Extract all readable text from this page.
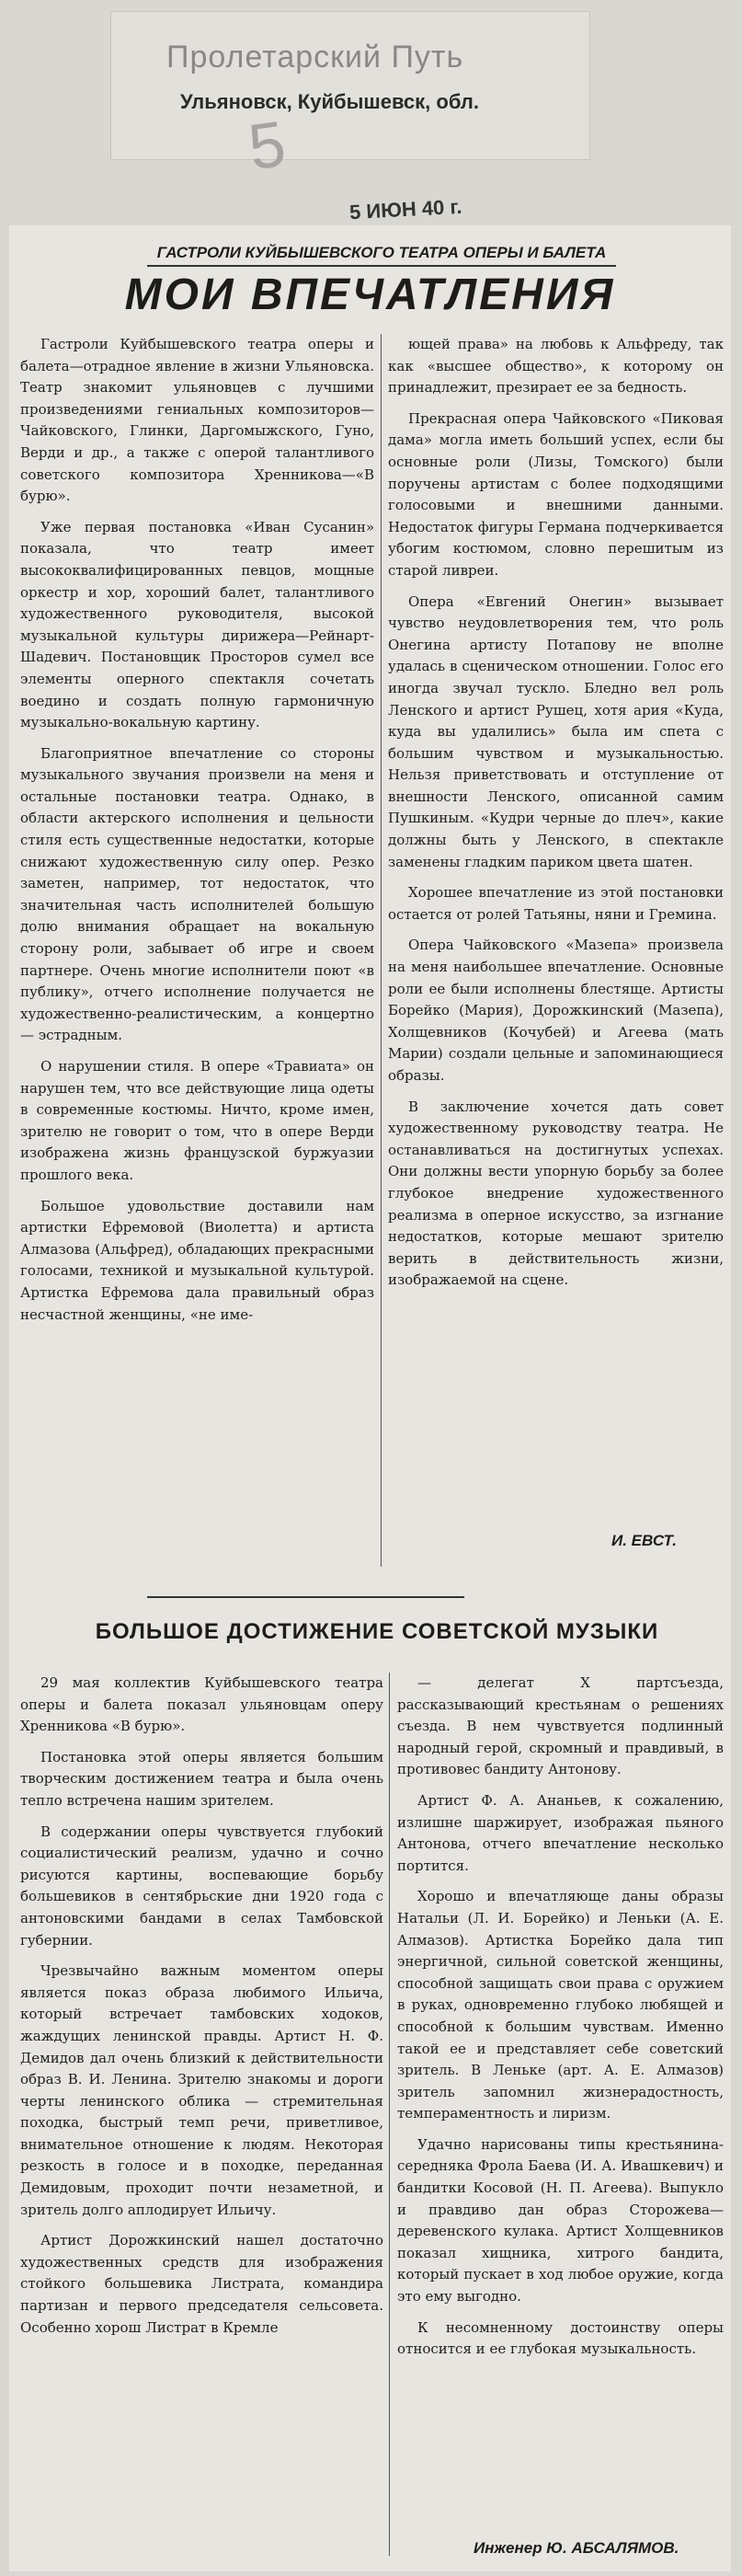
Пролетарский Путь
Ульяновск, Куйбышевск, обл.
5
5 ИЮН 40 г.
ГАСТРОЛИ КУЙБЫШЕВСКОГО ТЕАТРА ОПЕРЫ И БАЛЕТА
МОИ ВПЕЧАТЛЕНИЯ

Гастроли Куйбышевского театра оперы и балета—отрадное явление в жизни Ульяновска. Театр знакомит ульяновцев с лучшими произведениями гениальных композиторов—Чайковского, Глинки, Даргомыжского, Гуно, Верди и др., а также с оперой талантливого советского композитора Хренникова—«В бурю».

Уже первая постановка «Иван Сусанин» показала, что театр имеет высококвалифицированных певцов, мощные оркестр и хор, хороший балет, талантливого художественного руководителя, высокой музыкальной культуры дирижера—Рейнарт-Шадевич. Постановщик Просторов сумел все элементы оперного спектакля сочетать воедино и создать полную гармоничную музыкально-вокальную картину.

Благоприятное впечатление со стороны музыкального звучания произвели на меня и остальные постановки театра. Однако, в области актерского исполнения и цельности стиля есть существенные недостатки, которые снижают художественную силу опер. Резко заметен, например, тот недостаток, что значительная часть исполнителей большую долю внимания обращает на вокальную сторону роли, забывает об игре и своем партнере. Очень многие исполнители поют «в публику», отчего исполнение получается не художественно-реалистическим, а концертно — эстрадным.

О нарушении стиля. В опере «Травиата» он нарушен тем, что все действующие лица одеты в современные костюмы. Ничто, кроме имен, зрителю не говорит о том, что в опере Верди изображена жизнь французской буржуазии прошлого века.

Большое удовольствие доставили нам артистки Ефремовой (Виолетта) и артиста Алмазова (Альфред), обладающих прекрасными голосами, техникой и музыкальной культурой. Артистка Ефремова дала правильный образ несчастной женщины, «не име-

ющей права» на любовь к Альфреду, так как «высшее общество», к которому он принадлежит, презирает ее за бедность.

Прекрасная опера Чайковского «Пиковая дама» могла иметь больший успех, если бы основные роли (Лизы, Томского) были поручены артистам с более подходящими голосовыми и внешними данными. Недостаток фигуры Германа подчеркивается убогим костюмом, словно перешитым из старой ливреи.

Опера «Евгений Онегин» вызывает чувство неудовлетворения тем, что роль Онегина артисту Потапову не вполне удалась в сценическом отношении. Голос его иногда звучал тускло. Бледно вел роль Ленского и артист Рушец, хотя ария «Куда, куда вы удалились» была им спета с большим чувством и музыкальностью. Нельзя приветствовать и отступление от внешности Ленского, описанной самим Пушкиным. «Кудри черные до плеч», какие должны быть у Ленского, в спектакле заменены гладким париком цвета шатен.

Хорошее впечатление из этой постановки остается от ролей Татьяны, няни и Гремина.

Опера Чайковского «Мазепа» произвела на меня наибольшее впечатление. Основные роли ее были исполнены блестяще. Артисты Борейко (Мария), Дорожкинский (Мазепа), Холщевников (Кочубей) и Агеева (мать Марии) создали цельные и запоминающиеся образы.

В заключение хочется дать совет художественному руководству театра. Не останавливаться на достигнутых успехах. Они должны вести упорную борьбу за более глубокое внедрение художественного реализма в оперное искусство, за изгнание недостатков, которые мешают зрителю верить в действительность жизни, изображаемой на сцене.

И. ЕВСТ.
БОЛЬШОЕ ДОСТИЖЕНИЕ СОВЕТСКОЙ МУЗЫКИ

29 мая коллектив Куйбышевского театра оперы и балета показал ульяновцам оперу Хренникова «В бурю».

Постановка этой оперы является большим творческим достижением театра и была очень тепло встречена нашим зрителем.

В содержании оперы чувствуется глубокий социалистический реализм, удачно и сочно рисуются картины, воспевающие борьбу большевиков в сентябрьские дни 1920 года с антоновскими бандами в селах Тамбовской губернии.

Чрезвычайно важным моментом оперы является показ образа любимого Ильича, который встречает тамбовских ходоков, жаждущих ленинской правды. Артист Н. Ф. Демидов дал очень близкий к действительности образ В. И. Ленина. Зрителю знакомы и дороги черты ленинского облика — стремительная походка, быстрый темп речи, приветливое, внимательное отношение к людям. Некоторая резкость в голосе и в походке, переданная Демидовым, проходит почти незаметной, и зритель долго аплодирует Ильичу.

Артист Дорожкинский нашел достаточно художественных средств для изображения стойкого большевика Листрата, командира партизан и первого председателя сельсовета. Особенно хорош Листрат в Кремле

— делегат X партсъезда, рассказывающий крестьянам о решениях съезда. В нем чувствуется подлинный народный герой, скромный и правдивый, в противовес бандиту Антонову.

Артист Ф. А. Ананьев, к сожалению, излишне шаржирует, изображая пьяного Антонова, отчего впечатление несколько портится.

Хорошо и впечатляюще даны образы Натальи (Л. И. Борейко) и Леньки (А. Е. Алмазов). Артистка Борейко дала тип энергичной, сильной советской женщины, способной защищать свои права с оружием в руках, одновременно глубоко любящей и способной к большим чувствам. Именно такой ее и представляет себе советский зритель. В Леньке (арт. А. Е. Алмазов) зритель запомнил жизнерадостность, темпераментность и лиризм.

Удачно нарисованы типы крестьянина-середняка Фрола Баева (И. А. Ивашкевич) и бандитки Косовой (Н. П. Агеева). Выпукло и правдиво дан образ Сторожева—деревенского кулака. Артист Холщевников показал хищника, хитрого бандита, который пускает в ход любое оружие, когда это ему выгодно.

К несомненному достоинству оперы относится и ее глубокая музыкальность.

Инженер Ю. АБСАЛЯМОВ.
